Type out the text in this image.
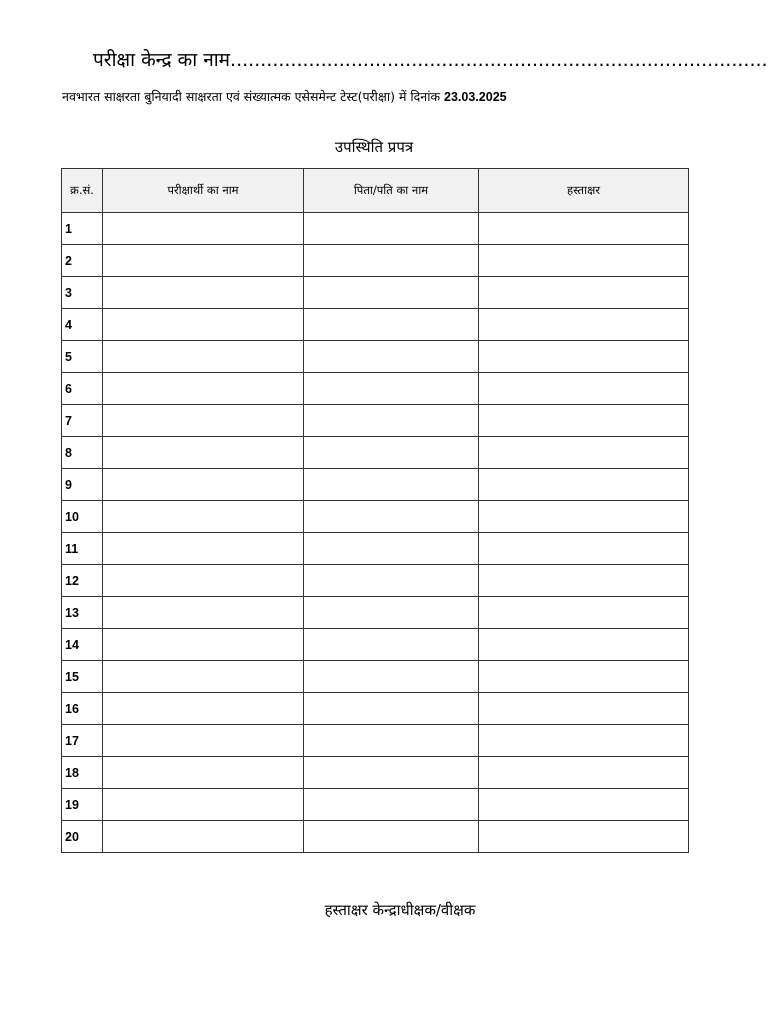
परीक्षा केन्द्र का नाम.........................................................................................
नवभारत साक्षरता बुनियादी साक्षरता एवं संख्यात्मक एसेसमेन्ट टेस्ट(परीक्षा) में दिनांक 23.03.2025
उपस्थिति प्रपत्र
क्र.सं.	परीक्षार्थी का नाम	पिता/पति का नाम	हस्ताक्षर
1			
2			
3			
4			
5			
6			
7			
8			
9			
10			
11			
12			
13			
14			
15			
16			
17			
18			
19			
20			
हस्ताक्षर केन्द्राधीक्षक/वीक्षक
